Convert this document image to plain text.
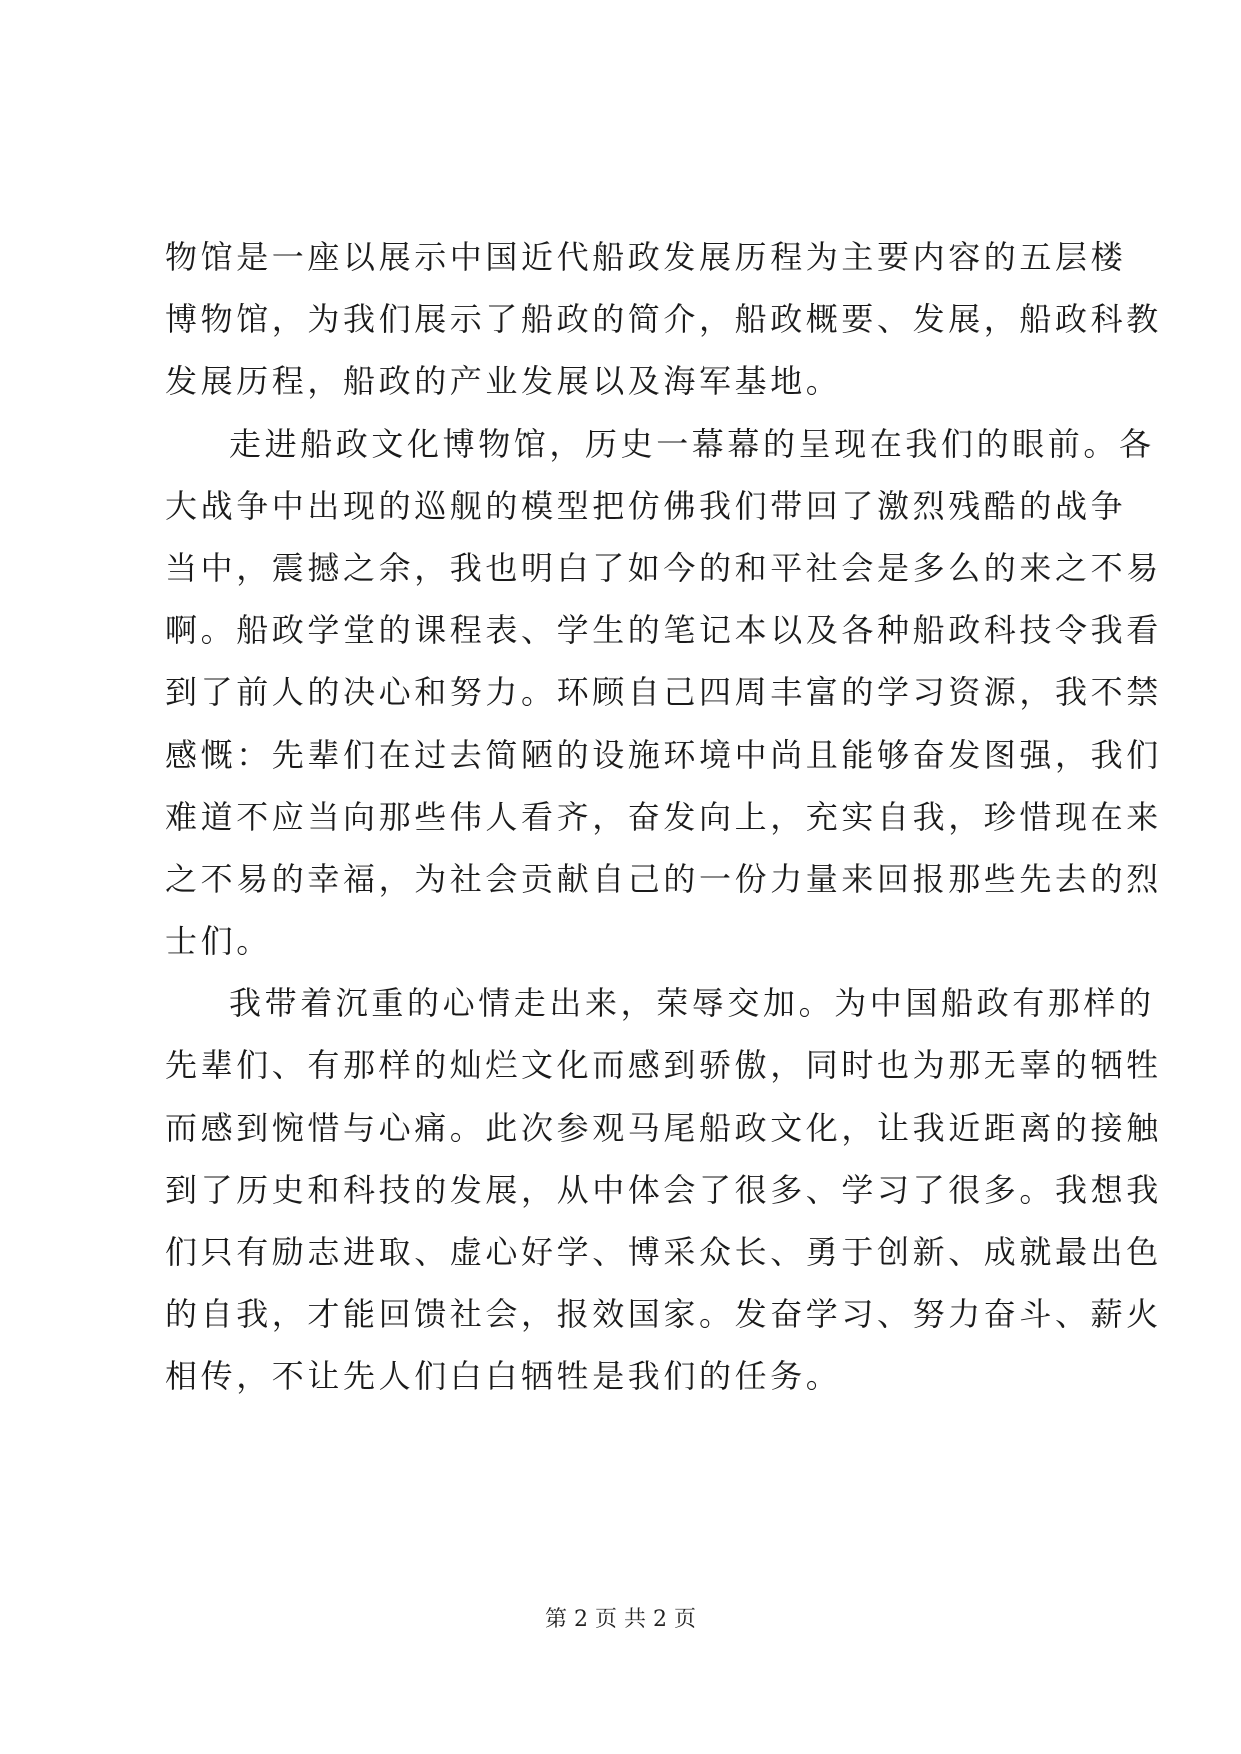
物馆是一座以展示中国近代船政发展历程为主要内容的五层楼
博物馆，为我们展示了船政的简介，船政概要、发展，船政科教
发展历程，船政的产业发展以及海军基地。
走进船政文化博物馆，历史一幕幕的呈现在我们的眼前。各
大战争中出现的巡舰的模型把仿佛我们带回了激烈残酷的战争
当中，震撼之余，我也明白了如今的和平社会是多么的来之不易
啊。船政学堂的课程表、学生的笔记本以及各种船政科技令我看
到了前人的决心和努力。环顾自己四周丰富的学习资源，我不禁
感慨：先辈们在过去简陋的设施环境中尚且能够奋发图强，我们
难道不应当向那些伟人看齐，奋发向上，充实自我，珍惜现在来
之不易的幸福，为社会贡献自己的一份力量来回报那些先去的烈
士们。
我带着沉重的心情走出来，荣辱交加。为中国船政有那样的
先辈们、有那样的灿烂文化而感到骄傲，同时也为那无辜的牺牲
而感到惋惜与心痛。此次参观马尾船政文化，让我近距离的接触
到了历史和科技的发展，从中体会了很多、学习了很多。我想我
们只有励志进取、虚心好学、博采众长、勇于创新、成就最出色
的自我，才能回馈社会，报效国家。发奋学习、努力奋斗、薪火
相传，不让先人们白白牺牲是我们的任务。
第 2 页 共 2 页
